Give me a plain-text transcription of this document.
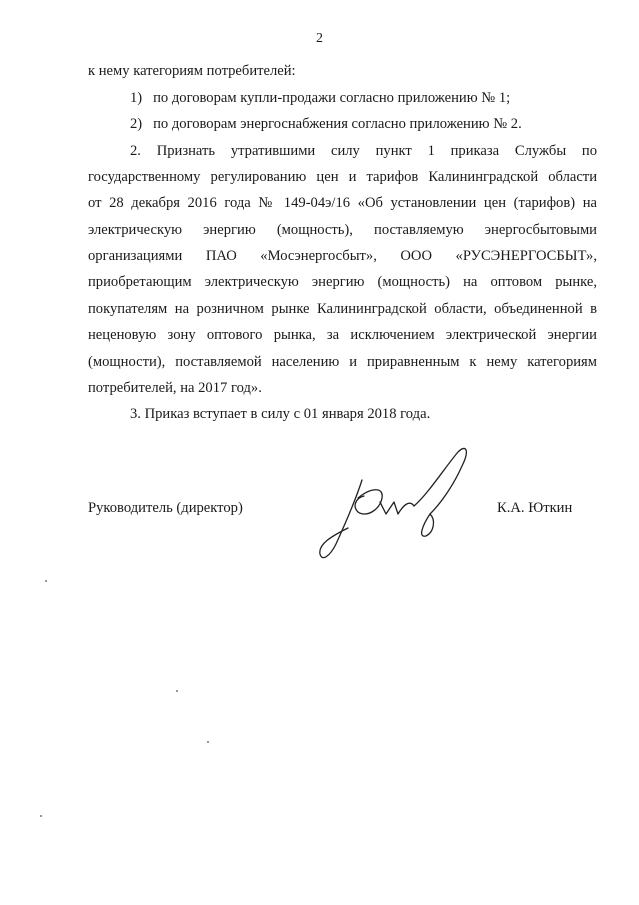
2
к нему категориям потребителей:
1)   по договорам купли-продажи согласно приложению № 1;
2)   по договорам энергоснабжения согласно приложению № 2.
2. Признать утратившими силу пункт 1 приказа Службы по
государственному регулированию цен и тарифов Калининградской области
от 28 декабря 2016 года № 149-04э/16 «Об установлении цен (тарифов) на
электрическую энергию (мощность), поставляемую энергосбытовыми
организациями ПАО «Мосэнергосбыт», ООО «РУСЭНЕРГОСБЫТ»,
приобретающим электрическую энергию (мощность) на оптовом рынке,
покупателям на розничном рынке Калининградской области, объединенной в
неценовую зону оптового рынка, за исключением электрической энергии
(мощности), поставляемой населению и приравненным к нему категориям
потребителей, на 2017 год».
3. Приказ вступает в силу с 01 января 2018 года.
Руководитель (директор)	К.А. Юткин
